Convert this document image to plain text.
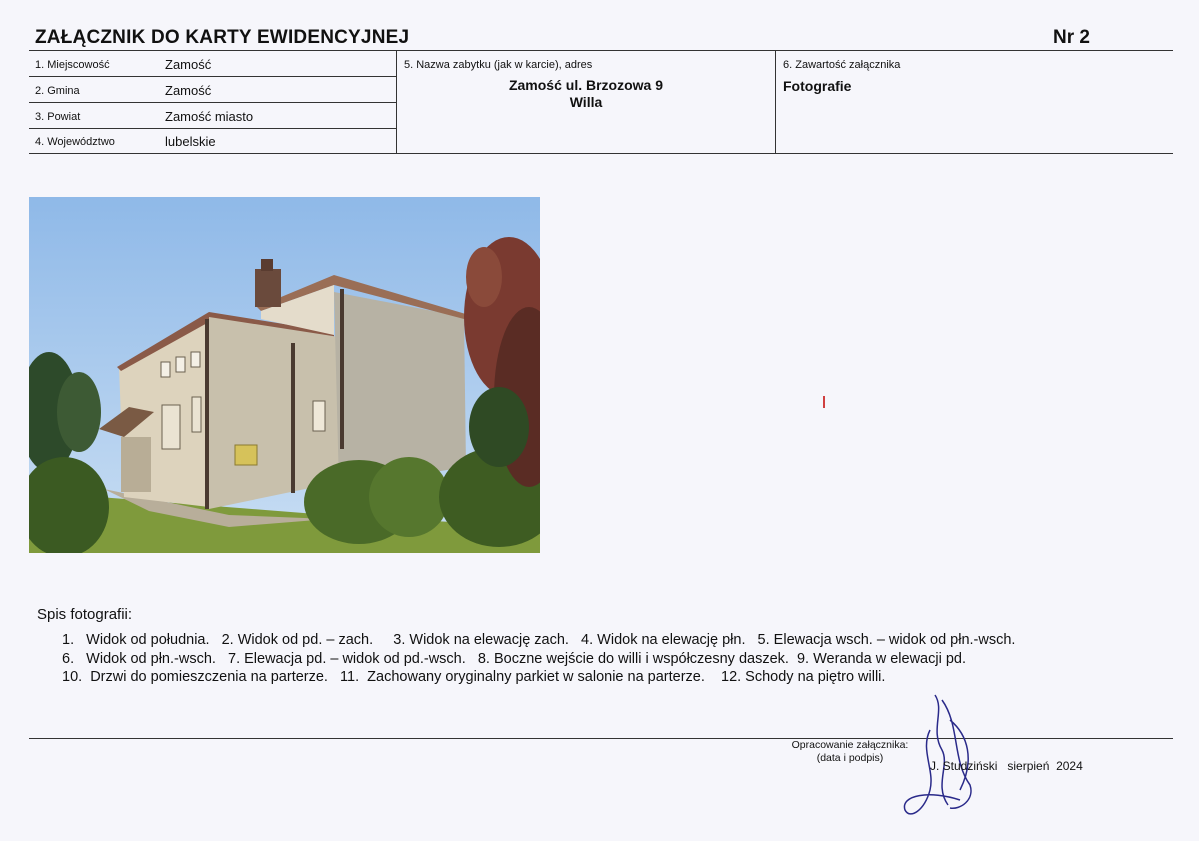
ZAŁĄCZNIK DO KARTY EWIDENCYJNEJ	Nr 2
1. Miejscowość	Zamość
2. Gmina	Zamość
3. Powiat	Zamość miasto
4. Województwo	lubelskie
5. Nazwa zabytku (jak w karcie), adres
Zamość ul. Brzozowa 9
Willa
6. Zawartość załącznika
Fotografie
Spis fotografii:
1.   Widok od południa.   2. Widok od pd. – zach.     3. Widok na elewację zach.   4. Widok na elewację płn.   5. Elewacja wsch. – widok od płn.-wsch.
6.   Widok od płn.-wsch.   7. Elewacja pd. – widok od pd.-wsch.   8. Boczne wejście do willi i współczesny daszek.  9. Weranda w elewacji pd.
10.  Drzwi do pomieszczenia na parterze.   11.  Zachowany oryginalny parkiet w salonie na parterze.    12. Schody na piętro willi.
Opracowanie załącznika:
(data i podpis)
J. Studziński sierpień  2024
